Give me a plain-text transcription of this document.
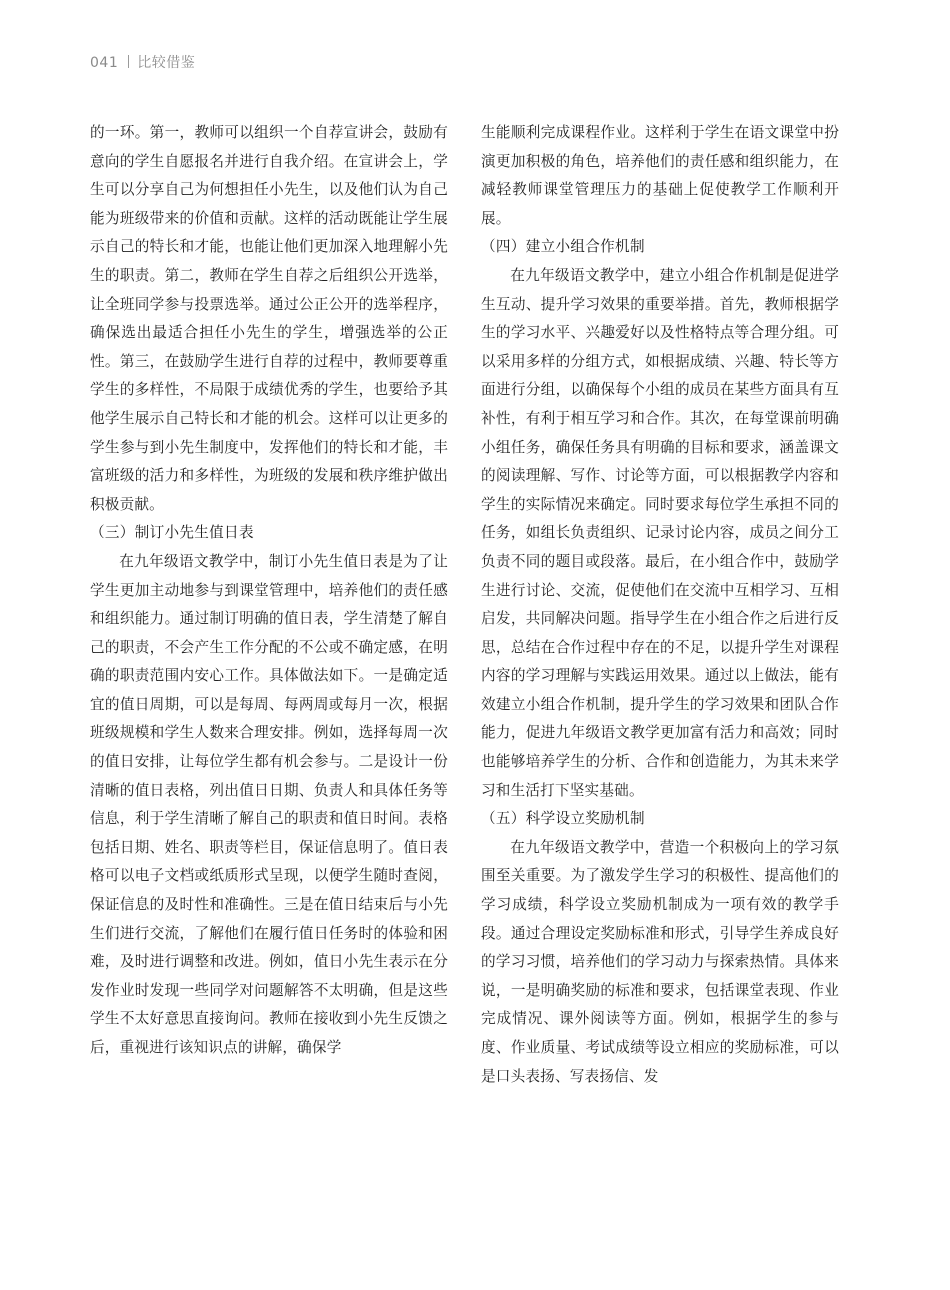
041 比较借鉴

的一环。第一，教师可以组织一个自荐宣讲会，鼓励有意向的学生自愿报名并进行自我介绍。在宣讲会上，学生可以分享自己为何想担任小先生，以及他们认为自己能为班级带来的价值和贡献。这样的活动既能让学生展示自己的特长和才能，也能让他们更加深入地理解小先生的职责。第二，教师在学生自荐之后组织公开选举，让全班同学参与投票选举。通过公正公开的选举程序，确保选出最适合担任小先生的学生，增强选举的公正性。第三，在鼓励学生进行自荐的过程中，教师要尊重学生的多样性，不局限于成绩优秀的学生，也要给予其他学生展示自己特长和才能的机会。这样可以让更多的学生参与到小先生制度中，发挥他们的特长和才能，丰富班级的活力和多样性，为班级的发展和秩序维护做出积极贡献。

（三）制订小先生值日表

在九年级语文教学中，制订小先生值日表是为了让学生更加主动地参与到课堂管理中，培养他们的责任感和组织能力。通过制订明确的值日表，学生清楚了解自己的职责，不会产生工作分配的不公或不确定感，在明确的职责范围内安心工作。具体做法如下。一是确定适宜的值日周期，可以是每周、每两周或每月一次，根据班级规模和学生人数来合理安排。例如，选择每周一次的值日安排，让每位学生都有机会参与。二是设计一份清晰的值日表格，列出值日日期、负责人和具体任务等信息，利于学生清晰了解自己的职责和值日时间。表格包括日期、姓名、职责等栏目，保证信息明了。值日表格可以电子文档或纸质形式呈现，以便学生随时查阅，保证信息的及时性和准确性。三是在值日结束后与小先生们进行交流，了解他们在履行值日任务时的体验和困难，及时进行调整和改进。例如，值日小先生表示在分发作业时发现一些同学对问题解答不太明确，但是这些学生不太好意思直接询问。教师在接收到小先生反馈之后，重视进行该知识点的讲解，确保学

生能顺利完成课程作业。这样利于学生在语文课堂中扮演更加积极的角色，培养他们的责任感和组织能力，在减轻教师课堂管理压力的基础上促使教学工作顺利开展。

（四）建立小组合作机制

在九年级语文教学中，建立小组合作机制是促进学生互动、提升学习效果的重要举措。首先，教师根据学生的学习水平、兴趣爱好以及性格特点等合理分组。可以采用多样的分组方式，如根据成绩、兴趣、特长等方面进行分组，以确保每个小组的成员在某些方面具有互补性，有利于相互学习和合作。其次，在每堂课前明确小组任务，确保任务具有明确的目标和要求，涵盖课文的阅读理解、写作、讨论等方面，可以根据教学内容和学生的实际情况来确定。同时要求每位学生承担不同的任务，如组长负责组织、记录讨论内容，成员之间分工负责不同的题目或段落。最后，在小组合作中，鼓励学生进行讨论、交流，促使他们在交流中互相学习、互相启发，共同解决问题。指导学生在小组合作之后进行反思，总结在合作过程中存在的不足，以提升学生对课程内容的学习理解与实践运用效果。通过以上做法，能有效建立小组合作机制，提升学生的学习效果和团队合作能力，促进九年级语文教学更加富有活力和高效；同时也能够培养学生的分析、合作和创造能力，为其未来学习和生活打下坚实基础。

（五）科学设立奖励机制

在九年级语文教学中，营造一个积极向上的学习氛围至关重要。为了激发学生学习的积极性、提高他们的学习成绩，科学设立奖励机制成为一项有效的教学手段。通过合理设定奖励标准和形式，引导学生养成良好的学习习惯，培养他们的学习动力与探索热情。具体来说，一是明确奖励的标准和要求，包括课堂表现、作业完成情况、课外阅读等方面。例如，根据学生的参与度、作业质量、考试成绩等设立相应的奖励标准，可以是口头表扬、写表扬信、发
